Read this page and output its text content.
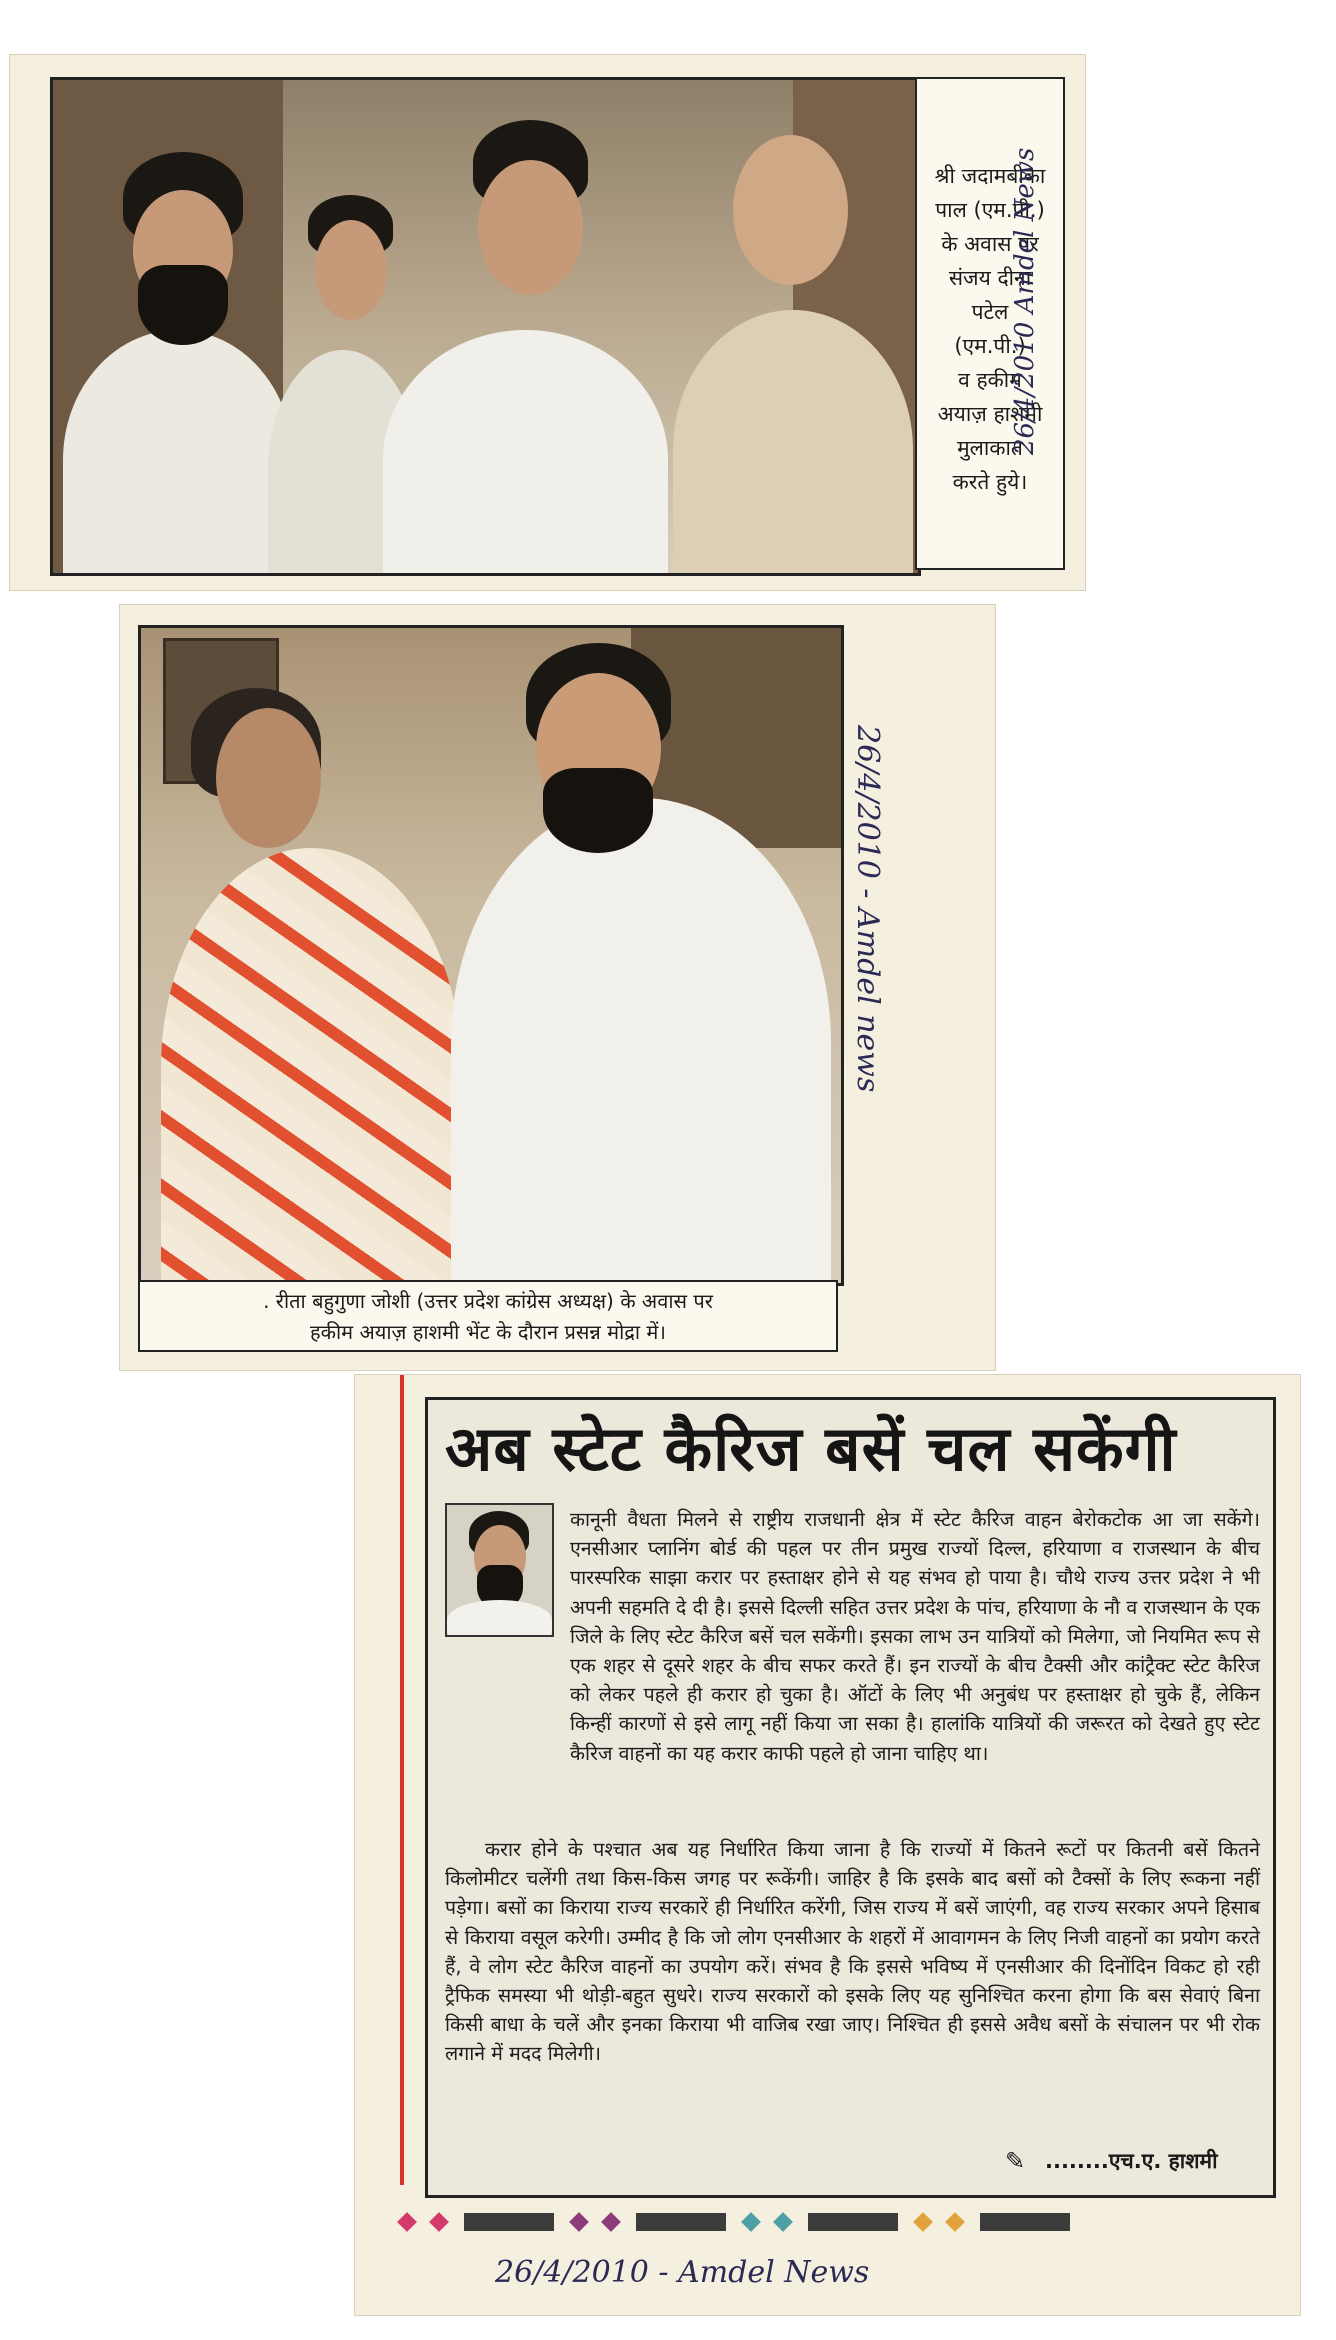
श्री जदामबीका
पाल (एम.पी.)
के अवास पर
संजय दीना
पटेल
(एम.पी.)
व हकीम
अयाज़ हाशमी
मुलाकात
करते हुये।
26/4/2010 Amdel News
. रीता बहुगुणा जोशी (उत्तर प्रदेश कांग्रेस अध्यक्ष) के अवास पर
हकीम अयाज़ हाशमी भेंट के दौरान प्रसन्न मोद्रा में।
26/4/2010 - Amdel news
अब स्टेट कैरिज बसें चल सकेंगी
कानूनी वैधता मिलने से राष्ट्रीय राजधानी क्षेत्र में स्टेट कैरिज वाहन बेरोकटोक आ जा सकेंगे। एनसीआर प्लानिंग बोर्ड की पहल पर तीन प्रमुख राज्यों दिल्ल, हरियाणा व राजस्थान के बीच पारस्परिक साझा करार पर हस्ताक्षर होने से यह संभव हो पाया है। चौथे राज्य उत्तर प्रदेश ने भी अपनी सहमति दे दी है। इससे दिल्ली सहित उत्तर प्रदेश के पांच, हरियाणा के नौ व राजस्थान के एक जिले के लिए स्टेट कैरिज बसें चल सकेंगी। इसका लाभ उन यात्रियों को मिलेगा, जो नियमित रूप से एक शहर से दूसरे शहर के बीच सफर करते हैं। इन राज्यों के बीच टैक्सी और कांट्रैक्ट स्टेट कैरिज को लेकर पहले ही करार हो चुका है। ऑटों के लिए भी अनुबंध पर हस्ताक्षर हो चुके हैं, लेकिन किन्हीं कारणों से इसे लागू नहीं किया जा सका है। हालांकि यात्रियों की जरूरत को देखते हुए स्टेट कैरिज वाहनों का यह करार काफी पहले हो जाना चाहिए था।
करार होने के पश्चात अब यह निर्धारित किया जाना है कि राज्यों में कितने रूटों पर कितनी बसें कितने किलोमीटर चलेंगी तथा किस-किस जगह पर रूकेंगी। जाहिर है कि इसके बाद बसों को टैक्सों के लिए रूकना नहीं पड़ेगा। बसों का किराया राज्य सरकारें ही निर्धारित करेंगी, जिस राज्य में बसें जाएंगी, वह राज्य सरकार अपने हिसाब से किराया वसूल करेगी। उम्मीद है कि जो लोग एनसीआर के शहरों में आवागमन के लिए निजी वाहनों का प्रयोग करते हैं, वे लोग स्टेट कैरिज वाहनों का उपयोग करें। संभव है कि इससे भविष्य में एनसीआर की दिनोंदिन विकट हो रही ट्रैफिक समस्या भी थोड़ी-बहुत सुधरे। राज्य सरकारों को इसके लिए यह सुनिश्चित करना होगा कि बस सेवाएं बिना किसी बाधा के चलें और इनका किराया भी वाजिब रखा जाए। निश्चित ही इससे अवैध बसों के संचालन पर भी रोक लगाने में मदद मिलेगी।
✎ ........एच.ए. हाशमी
26/4/2010 - Amdel News
